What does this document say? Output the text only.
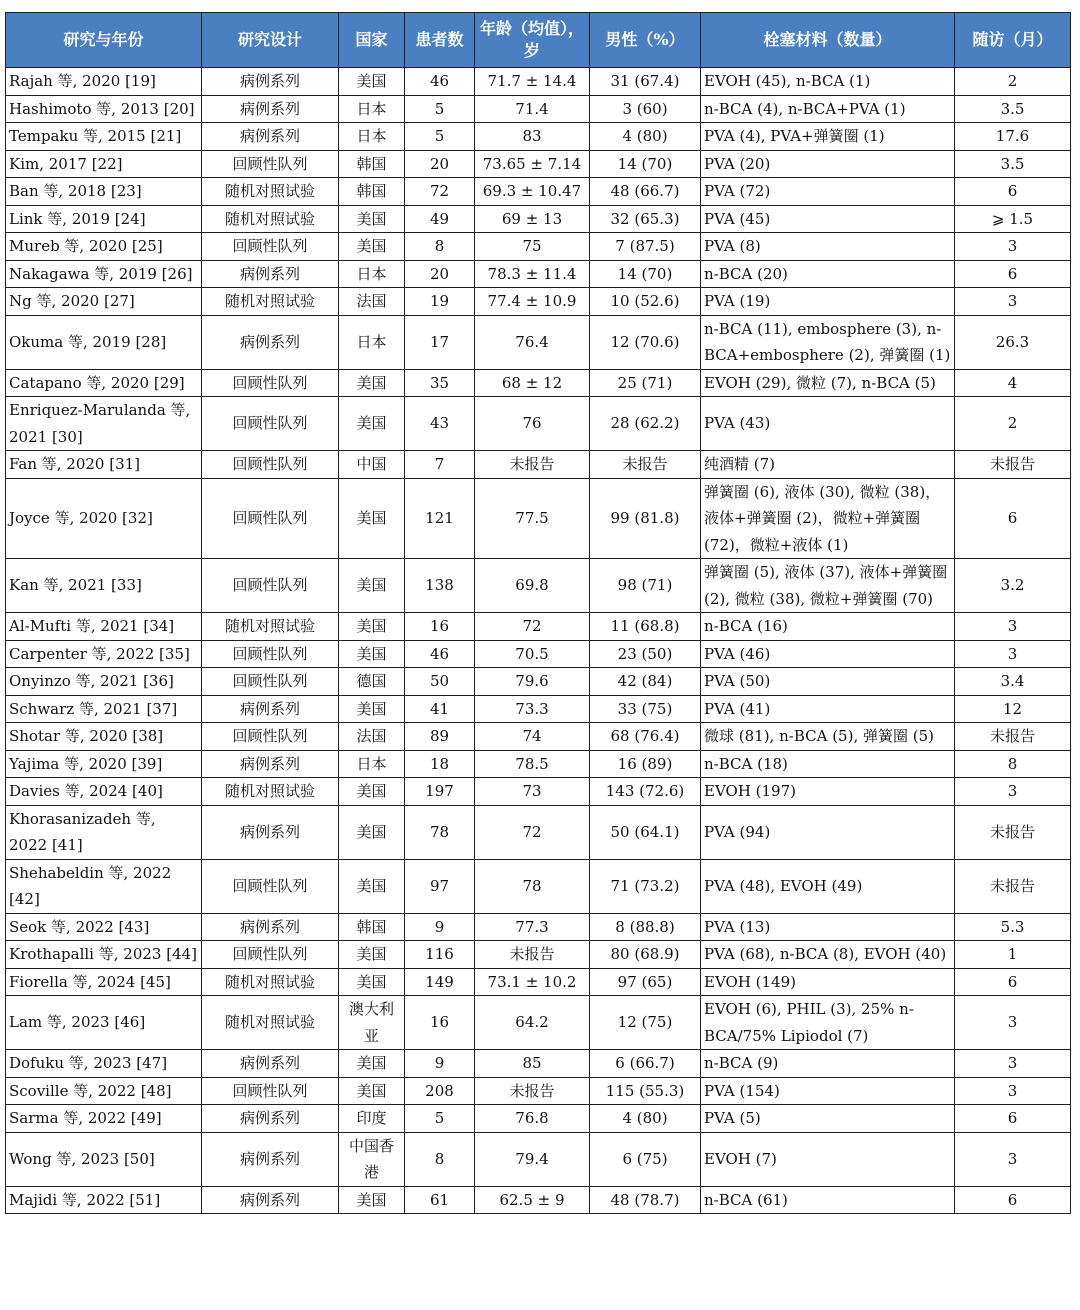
研究与年份	研究设计	国家	患者数	年龄（均值），岁	男性（%）	栓塞材料（数量）	随访（月）
Rajah 等, 2020 [19]	病例系列	美国	46	71.7 ± 14.4	31 (67.4)	EVOH (45), n-BCA (1)	2
Hashimoto 等, 2013 [20]	病例系列	日本	5	71.4	3 (60)	n-BCA (4), n-BCA+PVA (1)	3.5
Tempaku 等, 2015 [21]	病例系列	日本	5	83	4 (80)	PVA (4), PVA+弹簧圈 (1)	17.6
Kim, 2017 [22]	回顾性队列	韩国	20	73.65 ± 7.14	14 (70)	PVA (20)	3.5
Ban 等, 2018 [23]	随机对照试验	韩国	72	69.3 ± 10.47	48 (66.7)	PVA (72)	6
Link 等, 2019 [24]	随机对照试验	美国	49	69 ± 13	32 (65.3)	PVA (45)	⩾ 1.5
Mureb 等, 2020 [25]	回顾性队列	美国	8	75	7 (87.5)	PVA (8)	3
Nakagawa 等, 2019 [26]	病例系列	日本	20	78.3 ± 11.4	14 (70)	n-BCA (20)	6
Ng 等, 2020 [27]	随机对照试验	法国	19	77.4 ± 10.9	10 (52.6)	PVA (19)	3
Okuma 等, 2019 [28]	病例系列	日本	17	76.4	12 (70.6)	n-BCA (11), embosphere (3), n-BCA+embosphere (2), 弹簧圈 (1)	26.3
Catapano 等, 2020 [29]	回顾性队列	美国	35	68 ± 12	25 (71)	EVOH (29), 微粒 (7), n-BCA (5)	4
Enriquez-Marulanda 等, 2021 [30]	回顾性队列	美国	43	76	28 (62.2)	PVA (43)	2
Fan 等, 2020 [31]	回顾性队列	中国	7	未报告	未报告	纯酒精 (7)	未报告
Joyce 等, 2020 [32]	回顾性队列	美国	121	77.5	99 (81.8)	弹簧圈 (6), 液体 (30), 微粒 (38)，液体+弹簧圈 (2)，微粒+弹簧圈 (72)，微粒+液体 (1)	6
Kan 等, 2021 [33]	回顾性队列	美国	138	69.8	98 (71)	弹簧圈 (5), 液体 (37), 液体+弹簧圈 (2), 微粒 (38), 微粒+弹簧圈 (70)	3.2
Al-Mufti 等, 2021 [34]	随机对照试验	美国	16	72	11 (68.8)	n-BCA (16)	3
Carpenter 等, 2022 [35]	回顾性队列	美国	46	70.5	23 (50)	PVA (46)	3
Onyinzo 等, 2021 [36]	回顾性队列	德国	50	79.6	42 (84)	PVA (50)	3.4
Schwarz 等, 2021 [37]	病例系列	美国	41	73.3	33 (75)	PVA (41)	12
Shotar 等, 2020 [38]	回顾性队列	法国	89	74	68 (76.4)	微球 (81), n-BCA (5), 弹簧圈 (5)	未报告
Yajima 等, 2020 [39]	病例系列	日本	18	78.5	16 (89)	n-BCA (18)	8
Davies 等, 2024 [40]	随机对照试验	美国	197	73	143 (72.6)	EVOH (197)	3
Khorasanizadeh 等, 2022 [41]	病例系列	美国	78	72	50 (64.1)	PVA (94)	未报告
Shehabeldin 等, 2022 [42]	回顾性队列	美国	97	78	71 (73.2)	PVA (48), EVOH (49)	未报告
Seok 等, 2022 [43]	病例系列	韩国	9	77.3	8 (88.8)	PVA (13)	5.3
Krothapalli 等, 2023 [44]	回顾性队列	美国	116	未报告	80 (68.9)	PVA (68), n-BCA (8), EVOH (40)	1
Fiorella 等, 2024 [45]	随机对照试验	美国	149	73.1 ± 10.2	97 (65)	EVOH (149)	6
Lam 等, 2023 [46]	随机对照试验	澳大利亚	16	64.2	12 (75)	EVOH (6), PHIL (3), 25% n-BCA/75% Lipiodol (7)	3
Dofuku 等, 2023 [47]	病例系列	美国	9	85	6 (66.7)	n-BCA (9)	3
Scoville 等, 2022 [48]	回顾性队列	美国	208	未报告	115 (55.3)	PVA (154)	3
Sarma 等, 2022 [49]	病例系列	印度	5	76.8	4 (80)	PVA (5)	6
Wong 等, 2023 [50]	病例系列	中国香港	8	79.4	6 (75)	EVOH (7)	3
Majidi 等, 2022 [51]	病例系列	美国	61	62.5 ± 9	48 (78.7)	n-BCA (61)	6
